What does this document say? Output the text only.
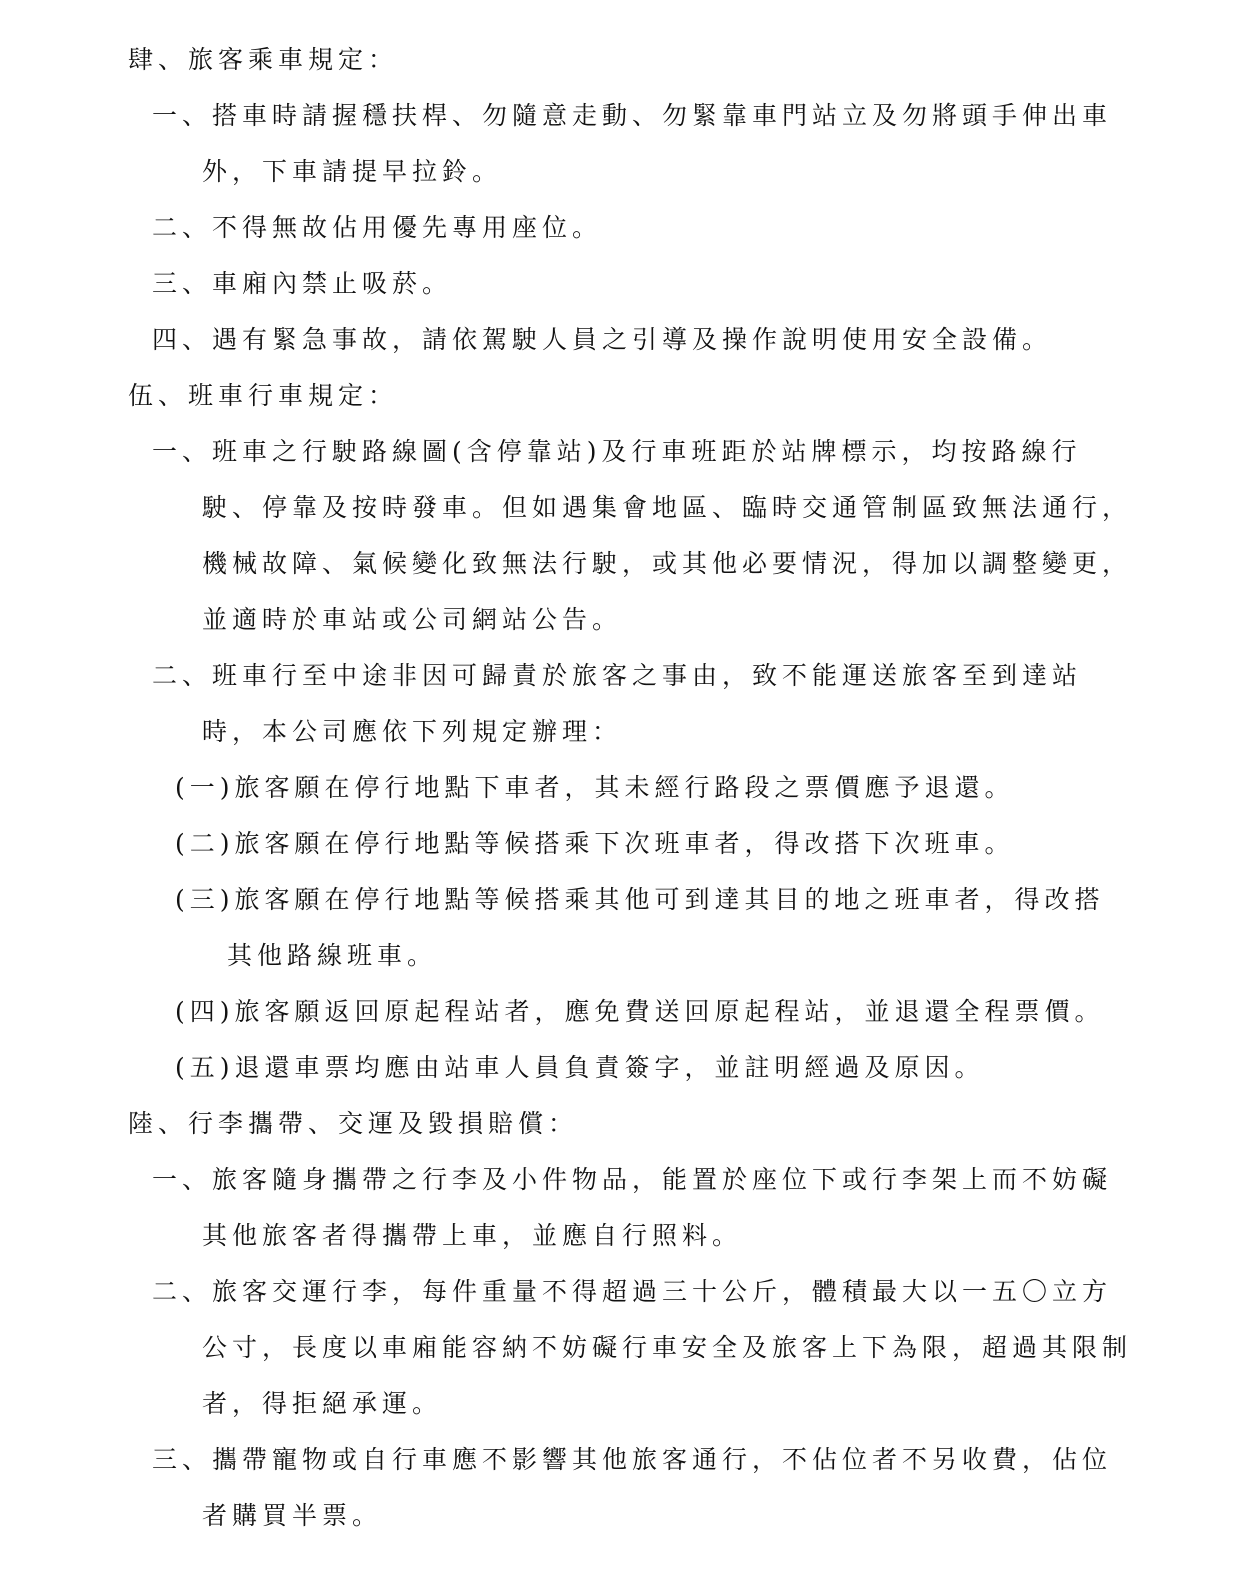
肆、旅客乘車規定：
一、搭車時請握穩扶桿、勿隨意走動、勿緊靠車門站立及勿將頭手伸出車
外，下車請提早拉鈴。
二、不得無故佔用優先專用座位。
三、車廂內禁止吸菸。
四、遇有緊急事故，請依駕駛人員之引導及操作說明使用安全設備。
伍、班車行車規定：
一、班車之行駛路線圖(含停靠站)及行車班距於站牌標示，均按路線行
駛、停靠及按時發車。但如遇集會地區、臨時交通管制區致無法通行，
機械故障、氣候變化致無法行駛，或其他必要情況，得加以調整變更，
並適時於車站或公司網站公告。
二、班車行至中途非因可歸責於旅客之事由，致不能運送旅客至到達站
時，本公司應依下列規定辦理：
(一)旅客願在停行地點下車者，其未經行路段之票價應予退還。
(二)旅客願在停行地點等候搭乘下次班車者，得改搭下次班車。
(三)旅客願在停行地點等候搭乘其他可到達其目的地之班車者，得改搭
其他路線班車。
(四)旅客願返回原起程站者，應免費送回原起程站，並退還全程票價。
(五)退還車票均應由站車人員負責簽字，並註明經過及原因。
陸、行李攜帶、交運及毀損賠償：
一、旅客隨身攜帶之行李及小件物品，能置於座位下或行李架上而不妨礙
其他旅客者得攜帶上車，並應自行照料。
二、旅客交運行李，每件重量不得超過三十公斤，體積最大以一五〇立方
公寸，長度以車廂能容納不妨礙行車安全及旅客上下為限，超過其限制
者，得拒絕承運。
三、攜帶寵物或自行車應不影響其他旅客通行，不佔位者不另收費，佔位
者購買半票。
